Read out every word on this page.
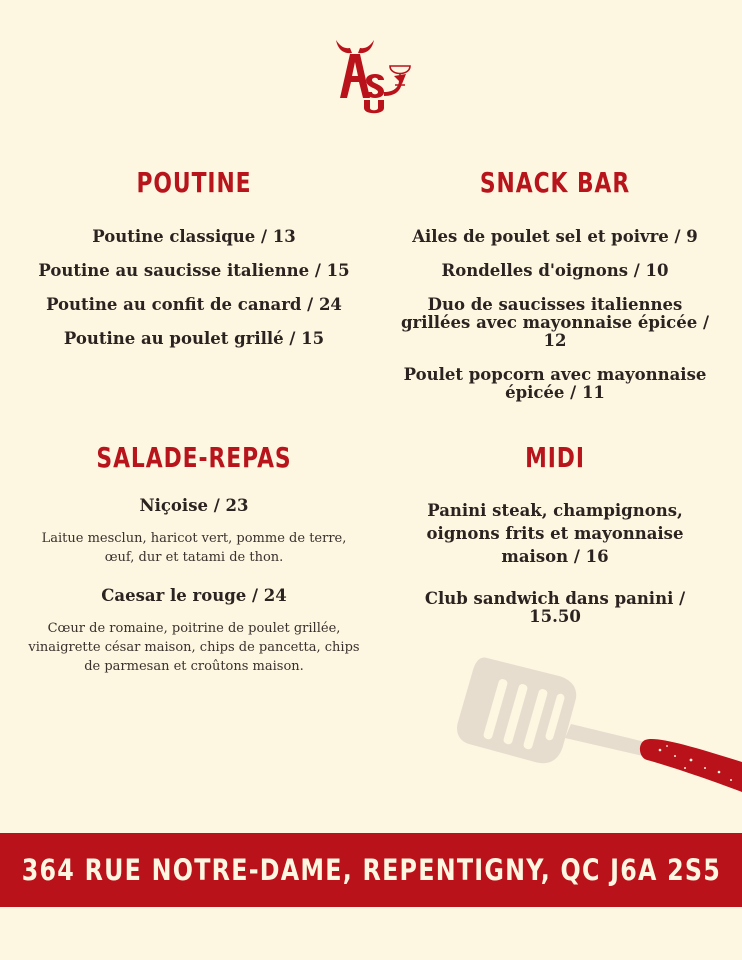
POUTINE

Poutine classique / 13

Poutine au saucisse italienne / 15

Poutine au confit de canard / 24

Poutine au poulet grillé / 15

SNACK BAR

Ailes de poulet sel et poivre / 9

Rondelles d'oignons / 10

Duo de saucisses italiennes grillées avec mayonnaise épicée / 12

Poulet popcorn avec mayonnaise épicée / 11

SALADE-REPAS

Niçoise / 23

Laitue mesclun, haricot vert, pomme de terre, œuf, dur et tatami de thon.

Caesar le rouge / 24

Cœur de romaine, poitrine de poulet grillée, vinaigrette césar maison, chips de pancetta, chips de parmesan et croûtons maison.

MIDI

Panini steak, champignons, oignons frits et mayonnaise maison / 16

Club sandwich dans panini / 15.50

364 RUE NOTRE-DAME, REPENTIGNY, QC J6A 2S5
